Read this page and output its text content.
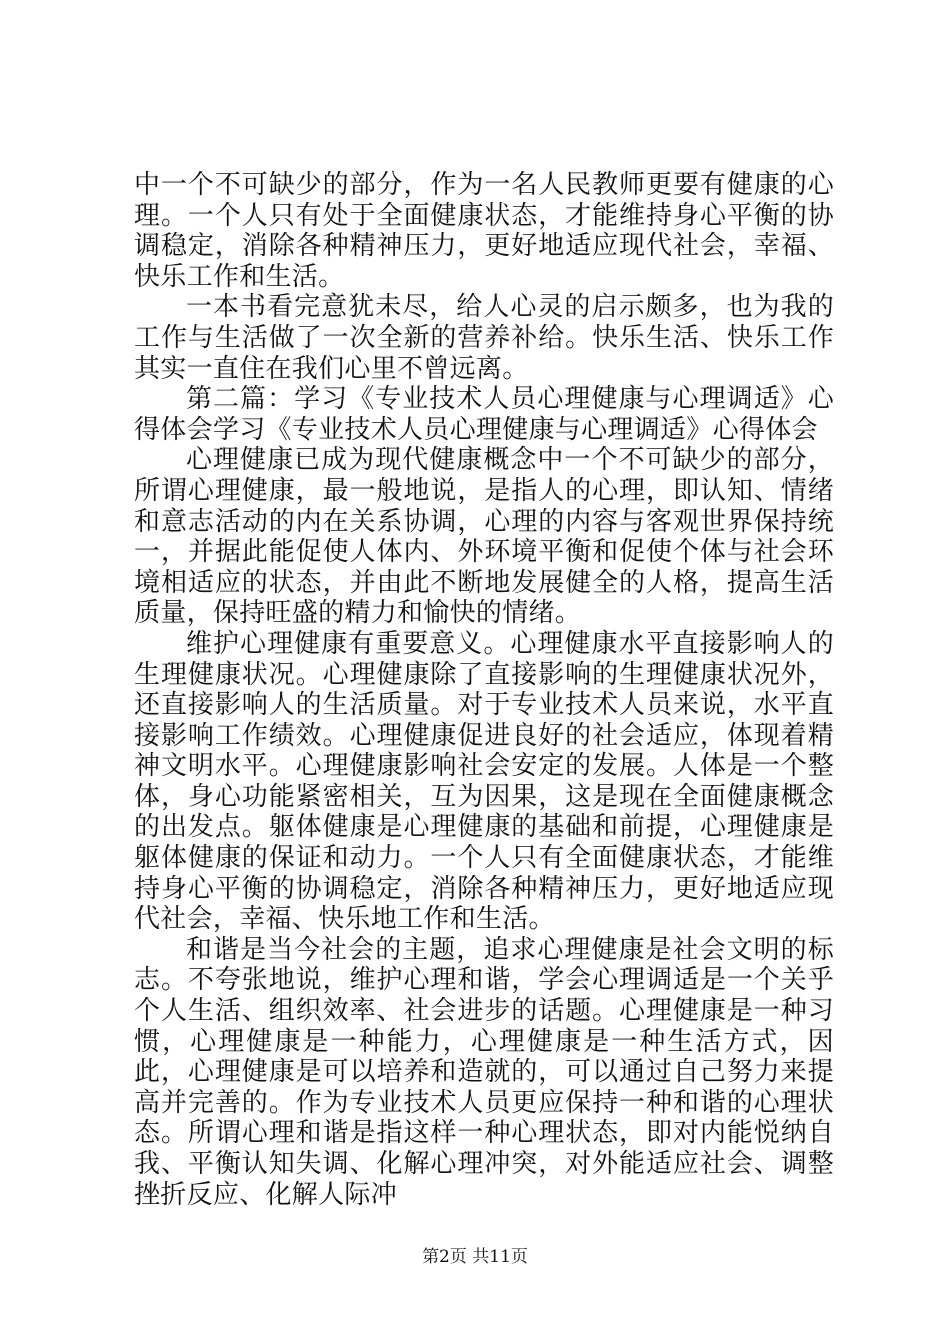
中一个不可缺少的部分，作为一名人民教师更要有健康的心理。一个人只有处于全面健康状态，才能维持身心平衡的协调稳定，消除各种精神压力，更好地适应现代社会，幸福、快乐工作和生活。

一本书看完意犹未尽，给人心灵的启示颇多，也为我的工作与生活做了一次全新的营养补给。快乐生活、快乐工作其实一直住在我们心里不曾远离。

第二篇：学习《专业技术人员心理健康与心理调适》心得体会学习《专业技术人员心理健康与心理调适》心得体会

心理健康已成为现代健康概念中一个不可缺少的部分，所谓心理健康，最一般地说，是指人的心理，即认知、情绪和意志活动的内在关系协调，心理的内容与客观世界保持统一，并据此能促使人体内、外环境平衡和促使个体与社会环境相适应的状态，并由此不断地发展健全的人格，提高生活质量，保持旺盛的精力和愉快的情绪。

维护心理健康有重要意义。心理健康水平直接影响人的生理健康状况。心理健康除了直接影响的生理健康状况外，还直接影响人的生活质量。对于专业技术人员来说，水平直接影响工作绩效。心理健康促进良好的社会适应，体现着精神文明水平。心理健康影响社会安定的发展。人体是一个整体，身心功能紧密相关，互为因果，这是现在全面健康概念的出发点。躯体健康是心理健康的基础和前提，心理健康是躯体健康的保证和动力。一个人只有全面健康状态，才能维持身心平衡的协调稳定，消除各种精神压力，更好地适应现代社会，幸福、快乐地工作和生活。

和谐是当今社会的主题，追求心理健康是社会文明的标志。不夸张地说，维护心理和谐，学会心理调适是一个关乎个人生活、组织效率、社会进步的话题。心理健康是一种习惯，心理健康是一种能力，心理健康是一种生活方式，因此，心理健康是可以培养和造就的，可以通过自己努力来提高并完善的。作为专业技术人员更应保持一种和谐的心理状态。所谓心理和谐是指这样一种心理状态，即对内能悦纳自我、平衡认知失调、化解心理冲突，对外能适应社会、调整挫折反应、化解人际冲

第2页 共11页
